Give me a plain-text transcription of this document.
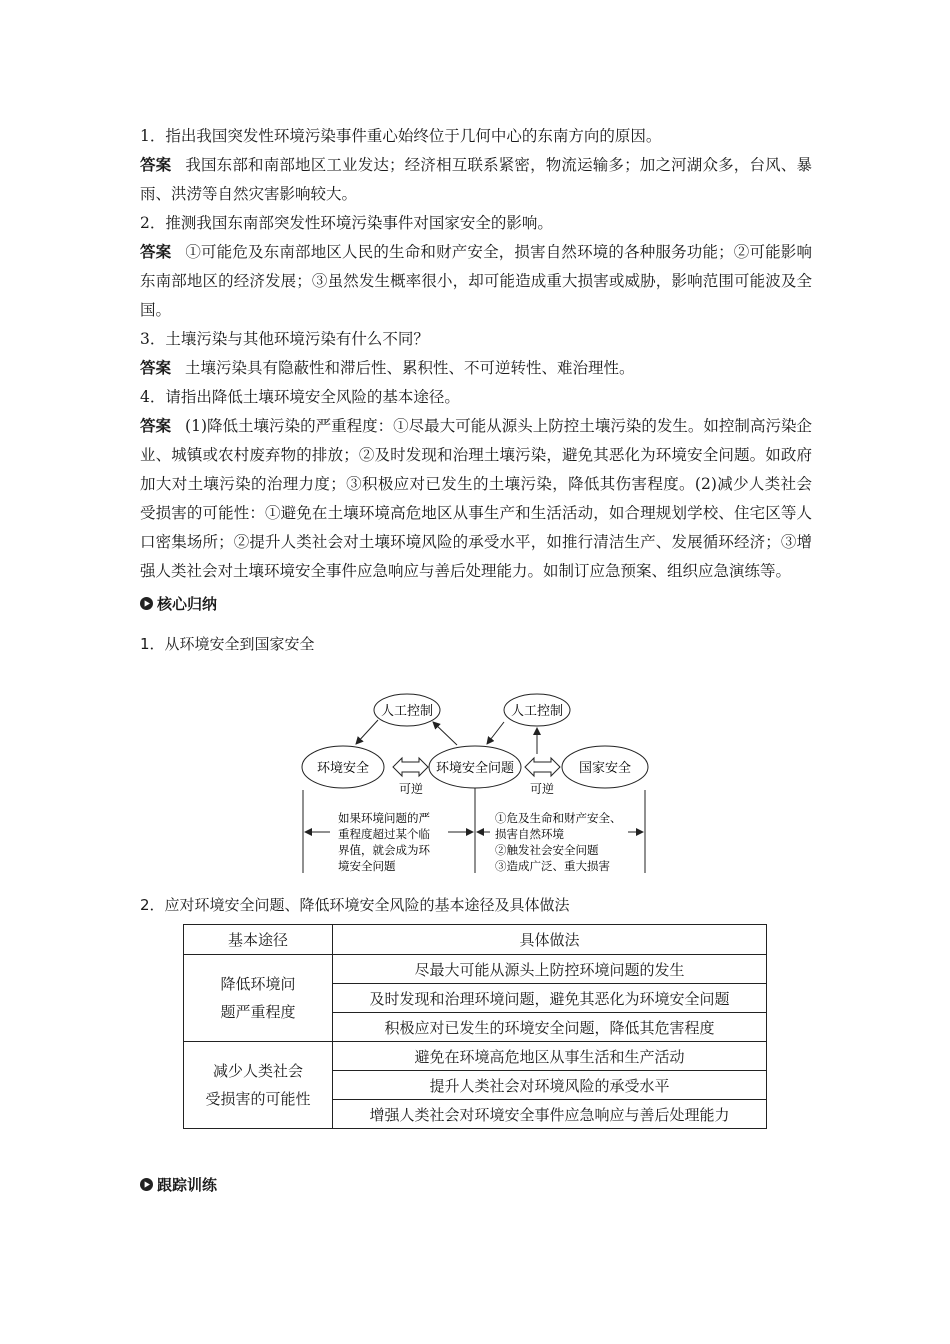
1．指出我国突发性环境污染事件重心始终位于几何中心的东南方向的原因。

答案 我国东部和南部地区工业发达；经济相互联系紧密，物流运输多；加之河湖众多，台风、暴雨、洪涝等自然灾害影响较大。

2．推测我国东南部突发性环境污染事件对国家安全的影响。

答案 ①可能危及东南部地区人民的生命和财产安全，损害自然环境的各种服务功能；②可能影响东南部地区的经济发展；③虽然发生概率很小，却可能造成重大损害或威胁，影响范围可能波及全国。

3．土壤污染与其他环境污染有什么不同？

答案 土壤污染具有隐蔽性和滞后性、累积性、不可逆转性、难治理性。

4．请指出降低土壤环境安全风险的基本途径。

答案 (1)降低土壤污染的严重程度：①尽最大可能从源头上防控土壤污染的发生。如控制高污染企业、城镇或农村废弃物的排放；②及时发现和治理土壤污染，避免其恶化为环境安全问题。如政府加大对土壤污染的治理力度；③积极应对已发生的土壤污染，降低其伤害程度。(2)减少人类社会受损害的可能性：①避免在土壤环境高危地区从事生产和生活活动，如合理规划学校、住宅区等人口密集场所；②提升人类社会对土壤环境风险的承受水平，如推行清洁生产、发展循环经济；③增强人类社会对土壤环境安全事件应急响应与善后处理能力。如制订应急预案、组织应急演练等。

核心归纳
1．从环境安全到国家安全
人工控制	人工控制
环境安全	环境安全问题	国家安全
可逆	可逆
如果环境问题的严
重程度超过某个临
界值，就会成为环
境安全问题
①危及生命和财产安全、
损害自然环境
②触发社会安全问题
③造成广泛、重大损害
2．应对环境安全问题、降低环境安全风险的基本途径及具体做法
基本途径	具体做法
降低环境问
题严重程度	尽最大可能从源头上防控环境问题的发生
	及时发现和治理环境问题，避免其恶化为环境安全问题
	积极应对已发生的环境安全问题，降低其危害程度
减少人类社会
受损害的可能性	避免在环境高危地区从事生活和生产活动
	提升人类社会对环境风险的承受水平
	增强人类社会对环境安全事件应急响应与善后处理能力
跟踪训练
